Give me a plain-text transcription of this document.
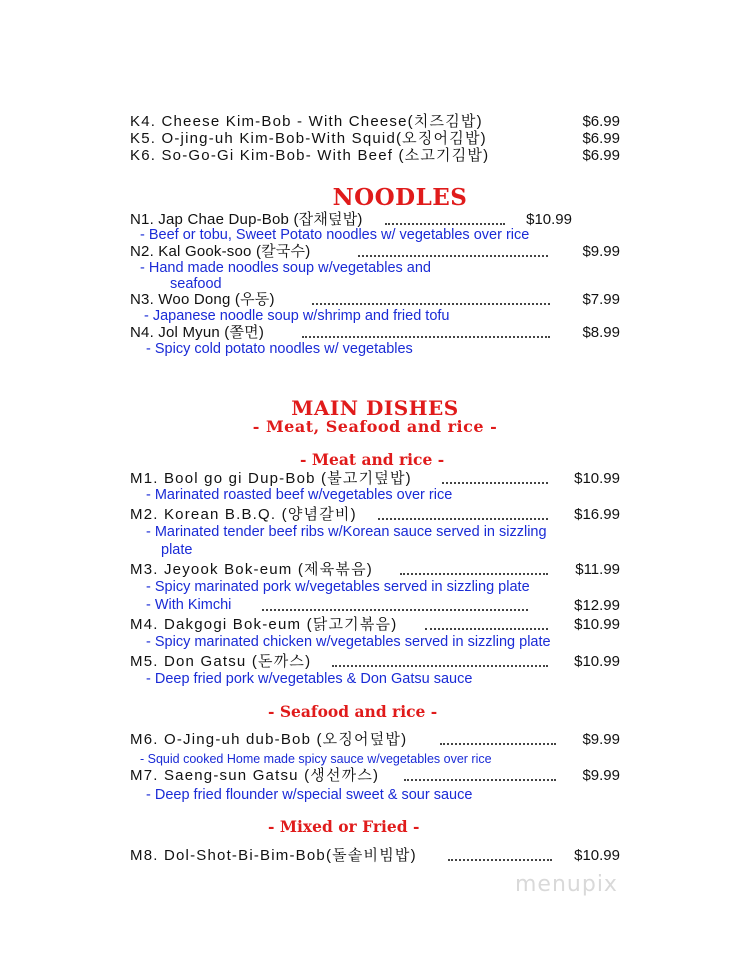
K4. Cheese Kim-Bob - With Cheese(치즈김밥)	$6.99
K5. O-jing-uh Kim-Bob-With Squid(오징어김밥)	$6.99
K6. So-Go-Gi Kim-Bob- With Beef (소고기김밥)	$6.99
NOODLES
N1. Jap Chae Dup-Bob (잡채덮밥)	$10.99
- Beef or tobu, Sweet Potato noodles w/ vegetables over rice
N2. Kal Gook-soo (칼국수)	$9.99
- Hand made noodles soup w/vegetables and
seafood
N3. Woo Dong (우동)	$7.99
- Japanese noodle soup w/shrimp and fried tofu
N4. Jol Myun (쫄면)	$8.99
- Spicy cold potato noodles w/ vegetables
MAIN DISHES
- Meat, Seafood and rice -
- Meat and rice -
M1. Bool go gi Dup-Bob (불고기덮밥)	$10.99
- Marinated roasted beef w/vegetables over rice
M2. Korean B.B.Q. (양념갈비)	$16.99
- Marinated tender beef ribs w/Korean sauce served in sizzling
plate
M3. Jeyook Bok-eum (제육볶음)	$11.99
- Spicy marinated pork w/vegetables served in sizzling plate
- With Kimchi	$12.99
M4. Dakgogi Bok-eum (닭고기볶음)	$10.99
- Spicy marinated chicken w/vegetables served in sizzling plate
M5. Don Gatsu (돈까스)	$10.99
- Deep fried pork w/vegetables & Don Gatsu sauce
- Seafood and rice -
M6. O-Jing-uh dub-Bob (오징어덮밥)	$9.99
- Squid cooked Home made spicy sauce w/vegetables over rice
M7. Saeng-sun Gatsu (생선까스)	$9.99
- Deep fried flounder w/special sweet & sour sauce
- Mixed or Fried -
M8. Dol-Shot-Bi-Bim-Bob(돌솥비빔밥)	$10.99
menupix
